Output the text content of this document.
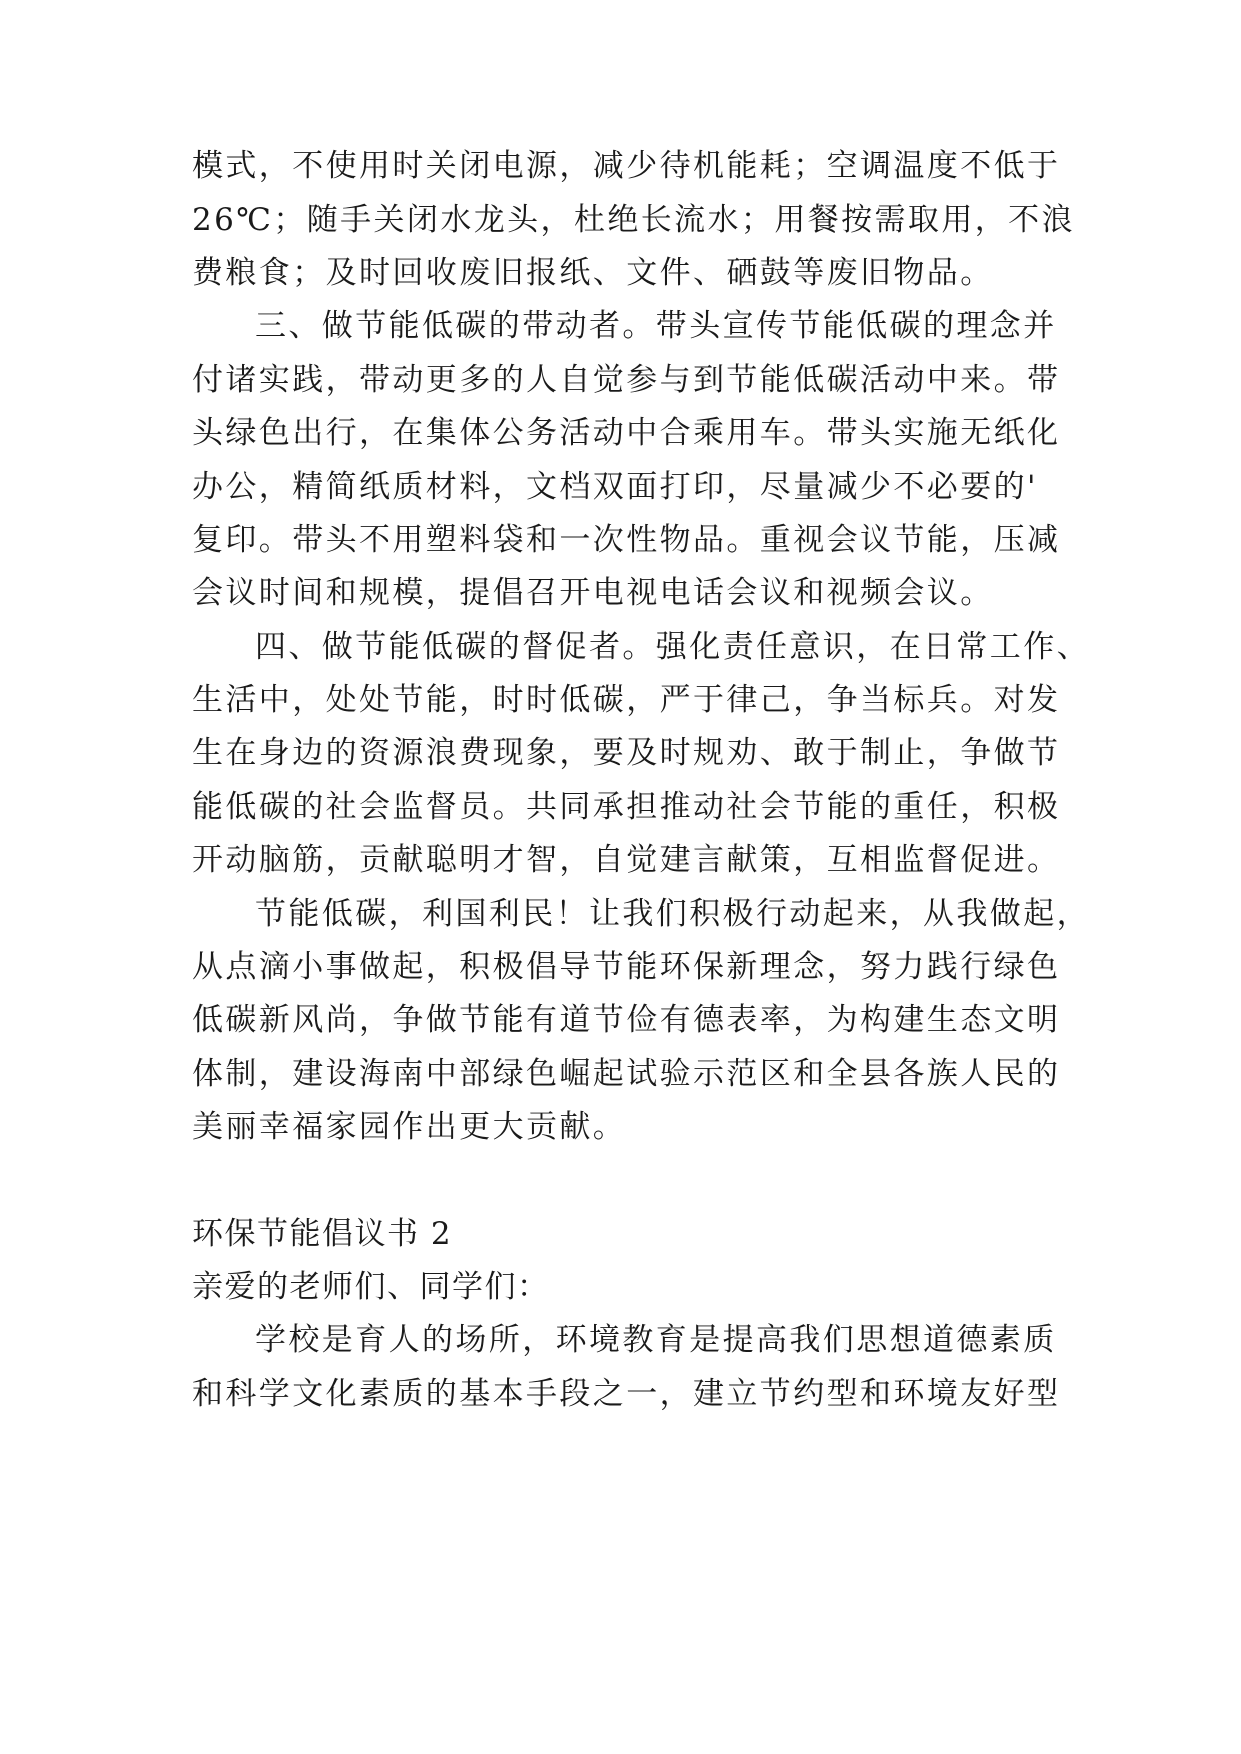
模式，不使用时关闭电源，减少待机能耗；空调温度不低于

26℃；随手关闭水龙头，杜绝长流水；用餐按需取用，不浪

费粮食；及时回收废旧报纸、文件、硒鼓等废旧物品。

三、做节能低碳的带动者。带头宣传节能低碳的理念并

付诸实践，带动更多的人自觉参与到节能低碳活动中来。带

头绿色出行，在集体公务活动中合乘用车。带头实施无纸化

办公，精简纸质材料，文档双面打印，尽量减少不必要的'

复印。带头不用塑料袋和一次性物品。重视会议节能，压减

会议时间和规模，提倡召开电视电话会议和视频会议。

四、做节能低碳的督促者。强化责任意识，在日常工作、

生活中，处处节能，时时低碳，严于律己，争当标兵。对发

生在身边的资源浪费现象，要及时规劝、敢于制止，争做节

能低碳的社会监督员。共同承担推动社会节能的重任，积极

开动脑筋，贡献聪明才智，自觉建言献策，互相监督促进。

节能低碳，利国利民！让我们积极行动起来，从我做起，

从点滴小事做起，积极倡导节能环保新理念，努力践行绿色

低碳新风尚，争做节能有道节俭有德表率，为构建生态文明

体制，建设海南中部绿色崛起试验示范区和全县各族人民的

美丽幸福家园作出更大贡献。

环保节能倡议书 2

亲爱的老师们、同学们：

学校是育人的场所，环境教育是提高我们思想道德素质

和科学文化素质的基本手段之一，建立节约型和环境友好型
